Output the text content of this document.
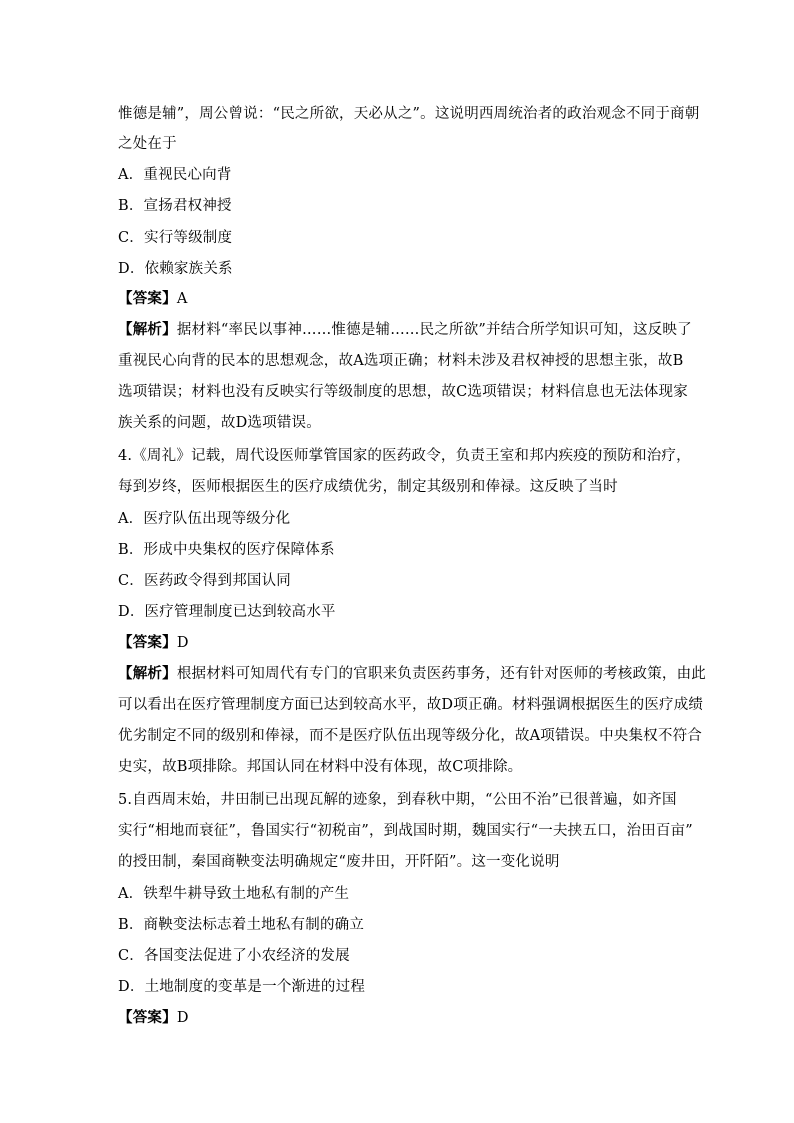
惟德是辅”，周公曾说：“民之所欲，天必从之”。这说明西周统治者的政治观念不同于商朝
之处在于
A．重视民心向背
B．宣扬君权神授
C．实行等级制度
D．依赖家族关系
【答案】A
【解析】据材料“率民以事神……惟德是辅……民之所欲”并结合所学知识可知，这反映了
重视民心向背的民本的思想观念，故A选项正确；材料未涉及君权神授的思想主张，故B
选项错误；材料也没有反映实行等级制度的思想，故C选项错误；材料信息也无法体现家
族关系的问题，故D选项错误。
4.《周礼》记载，周代设医师掌管国家的医药政令，负责王室和邦内疾疫的预防和治疗，
每到岁终，医师根据医生的医疗成绩优劣，制定其级别和俸禄。这反映了当时
A．医疗队伍出现等级分化
B．形成中央集权的医疗保障体系
C．医药政令得到邦国认同
D．医疗管理制度已达到较高水平
【答案】D
【解析】根据材料可知周代有专门的官职来负责医药事务，还有针对医师的考核政策，由此
可以看出在医疗管理制度方面已达到较高水平，故D项正确。材料强调根据医生的医疗成绩
优劣制定不同的级别和俸禄，而不是医疗队伍出现等级分化，故A项错误。中央集权不符合
史实，故B项排除。邦国认同在材料中没有体现，故C项排除。
5.自西周末始，井田制已出现瓦解的迹象，到春秋中期，“公田不治”已很普遍，如齐国
实行“相地而衰征”，鲁国实行“初税亩”，到战国时期，魏国实行“一夫挟五口，治田百亩”
的授田制，秦国商鞅变法明确规定“废井田，开阡陌”。这一变化说明
A．铁犁牛耕导致土地私有制的产生
B．商鞅变法标志着土地私有制的确立
C．各国变法促进了小农经济的发展
D．土地制度的变革是一个渐进的过程
【答案】D
